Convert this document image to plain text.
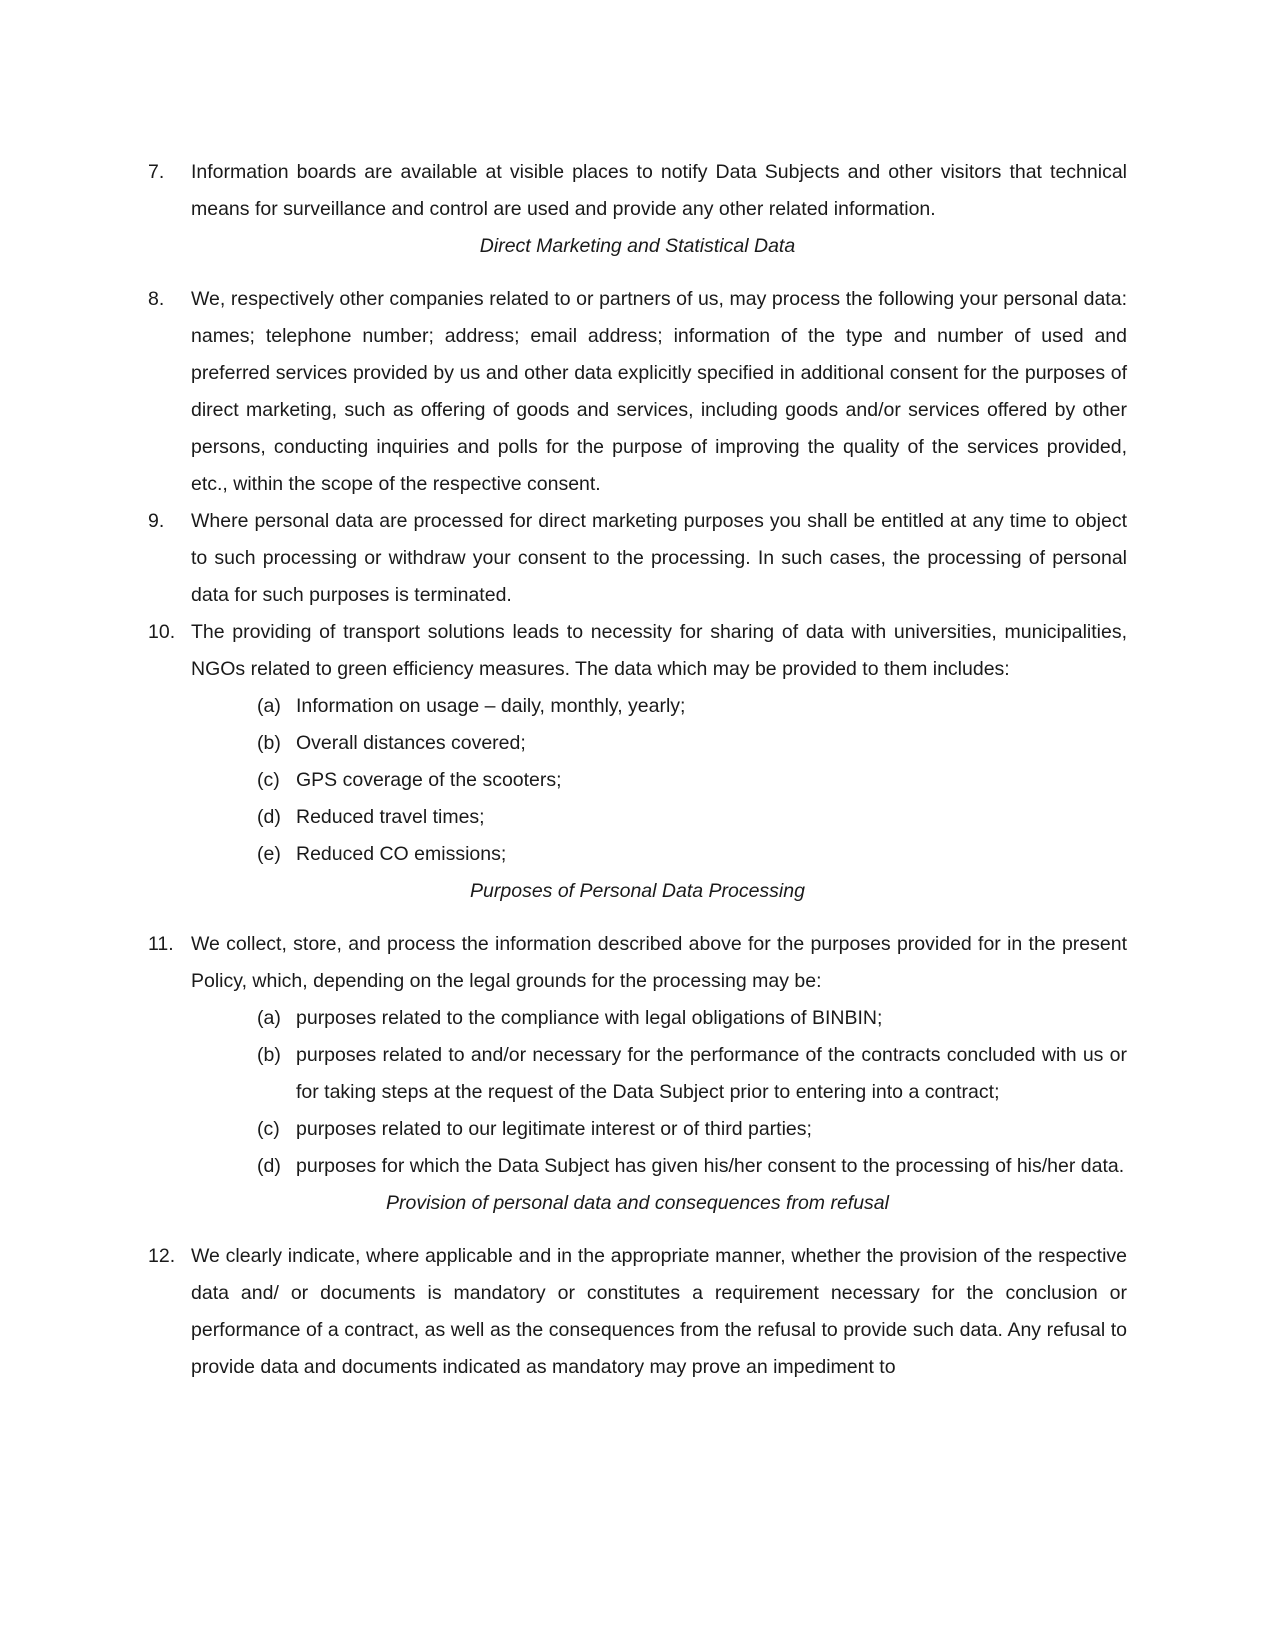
7.	Information boards are available at visible places to notify Data Subjects and other visitors that technical means for surveillance and control are used and provide any other related information.
Direct Marketing and Statistical Data
8.	We, respectively other companies related to or partners of us, may process the following your personal data: names; telephone number; address; email address; information of the type and number of used and preferred services provided by us and other data explicitly specified in additional consent for the purposes of direct marketing, such as offering of goods and services, including goods and/or services offered by other persons, conducting inquiries and polls for the purpose of improving the quality of the services provided, etc., within the scope of the respective consent.
9.	Where personal data are processed for direct marketing purposes you shall be entitled at any time to object to such processing or withdraw your consent to the processing. In such cases, the processing of personal data for such purposes is terminated.
10. The providing of transport solutions leads to necessity for sharing of data with universities, municipalities, NGOs related to green efficiency measures. The data which may be provided to them includes:
(a) Information on usage – daily, monthly, yearly;
(b) Overall distances covered;
(c) GPS coverage of the scooters;
(d) Reduced travel times;
(e) Reduced CO emissions;
Purposes of Personal Data Processing
11. We collect, store, and process the information described above for the purposes provided for in the present Policy, which, depending on the legal grounds for the processing may be:
(a) purposes related to the compliance with legal obligations of BINBIN;
(b) purposes related to and/or necessary for the performance of the contracts concluded with us or for taking steps at the request of the Data Subject prior to entering into a contract;
(c) purposes related to our legitimate interest or of third parties;
(d) purposes for which the Data Subject has given his/her consent to the processing of his/her data.
Provision of personal data and consequences from refusal
12. We clearly indicate, where applicable and in the appropriate manner, whether the provision of the respective data and/ or documents is mandatory or constitutes a requirement necessary for the conclusion or performance of a contract, as well as the consequences from the refusal to provide such data. Any refusal to provide data and documents indicated as mandatory may prove an impediment to
